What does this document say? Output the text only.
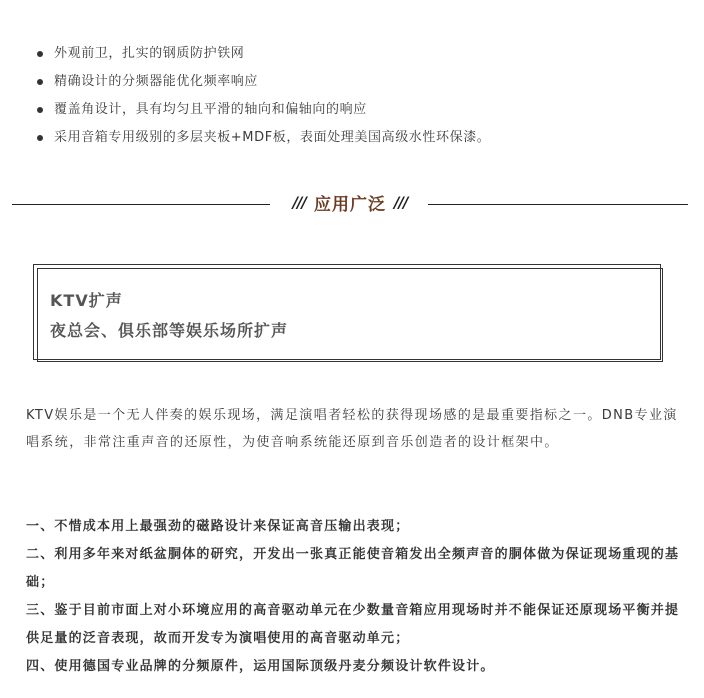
外观前卫，扎实的钢质防护铁网
精确设计的分频器能优化频率响应
覆盖角设计，具有均匀且平滑的轴向和偏轴向的响应
采用音箱专用级别的多层夹板+MDF板，表面处理美国高级水性环保漆。
/// 应用广泛 ///
KTV扩声
夜总会、俱乐部等娱乐场所扩声

KTV娱乐是一个无人伴奏的娱乐现场，满足演唱者轻松的获得现场感的是最重要指标之一。DNB专业演唱系统，非常注重声音的还原性，为使音响系统能还原到音乐创造者的设计框架中。

一、不惜成本用上最强劲的磁路设计来保证高音压输出表现；

二、利用多年来对纸盆胴体的研究，开发出一张真正能使音箱发出全频声音的胴体做为保证现场重现的基础；

三、鉴于目前市面上对小环境应用的高音驱动单元在少数量音箱应用现场时并不能保证还原现场平衡并提供足量的泛音表现，故而开发专为演唱使用的高音驱动单元；

四、使用德国专业品牌的分频原件，运用国际顶级丹麦分频设计软件设计。
